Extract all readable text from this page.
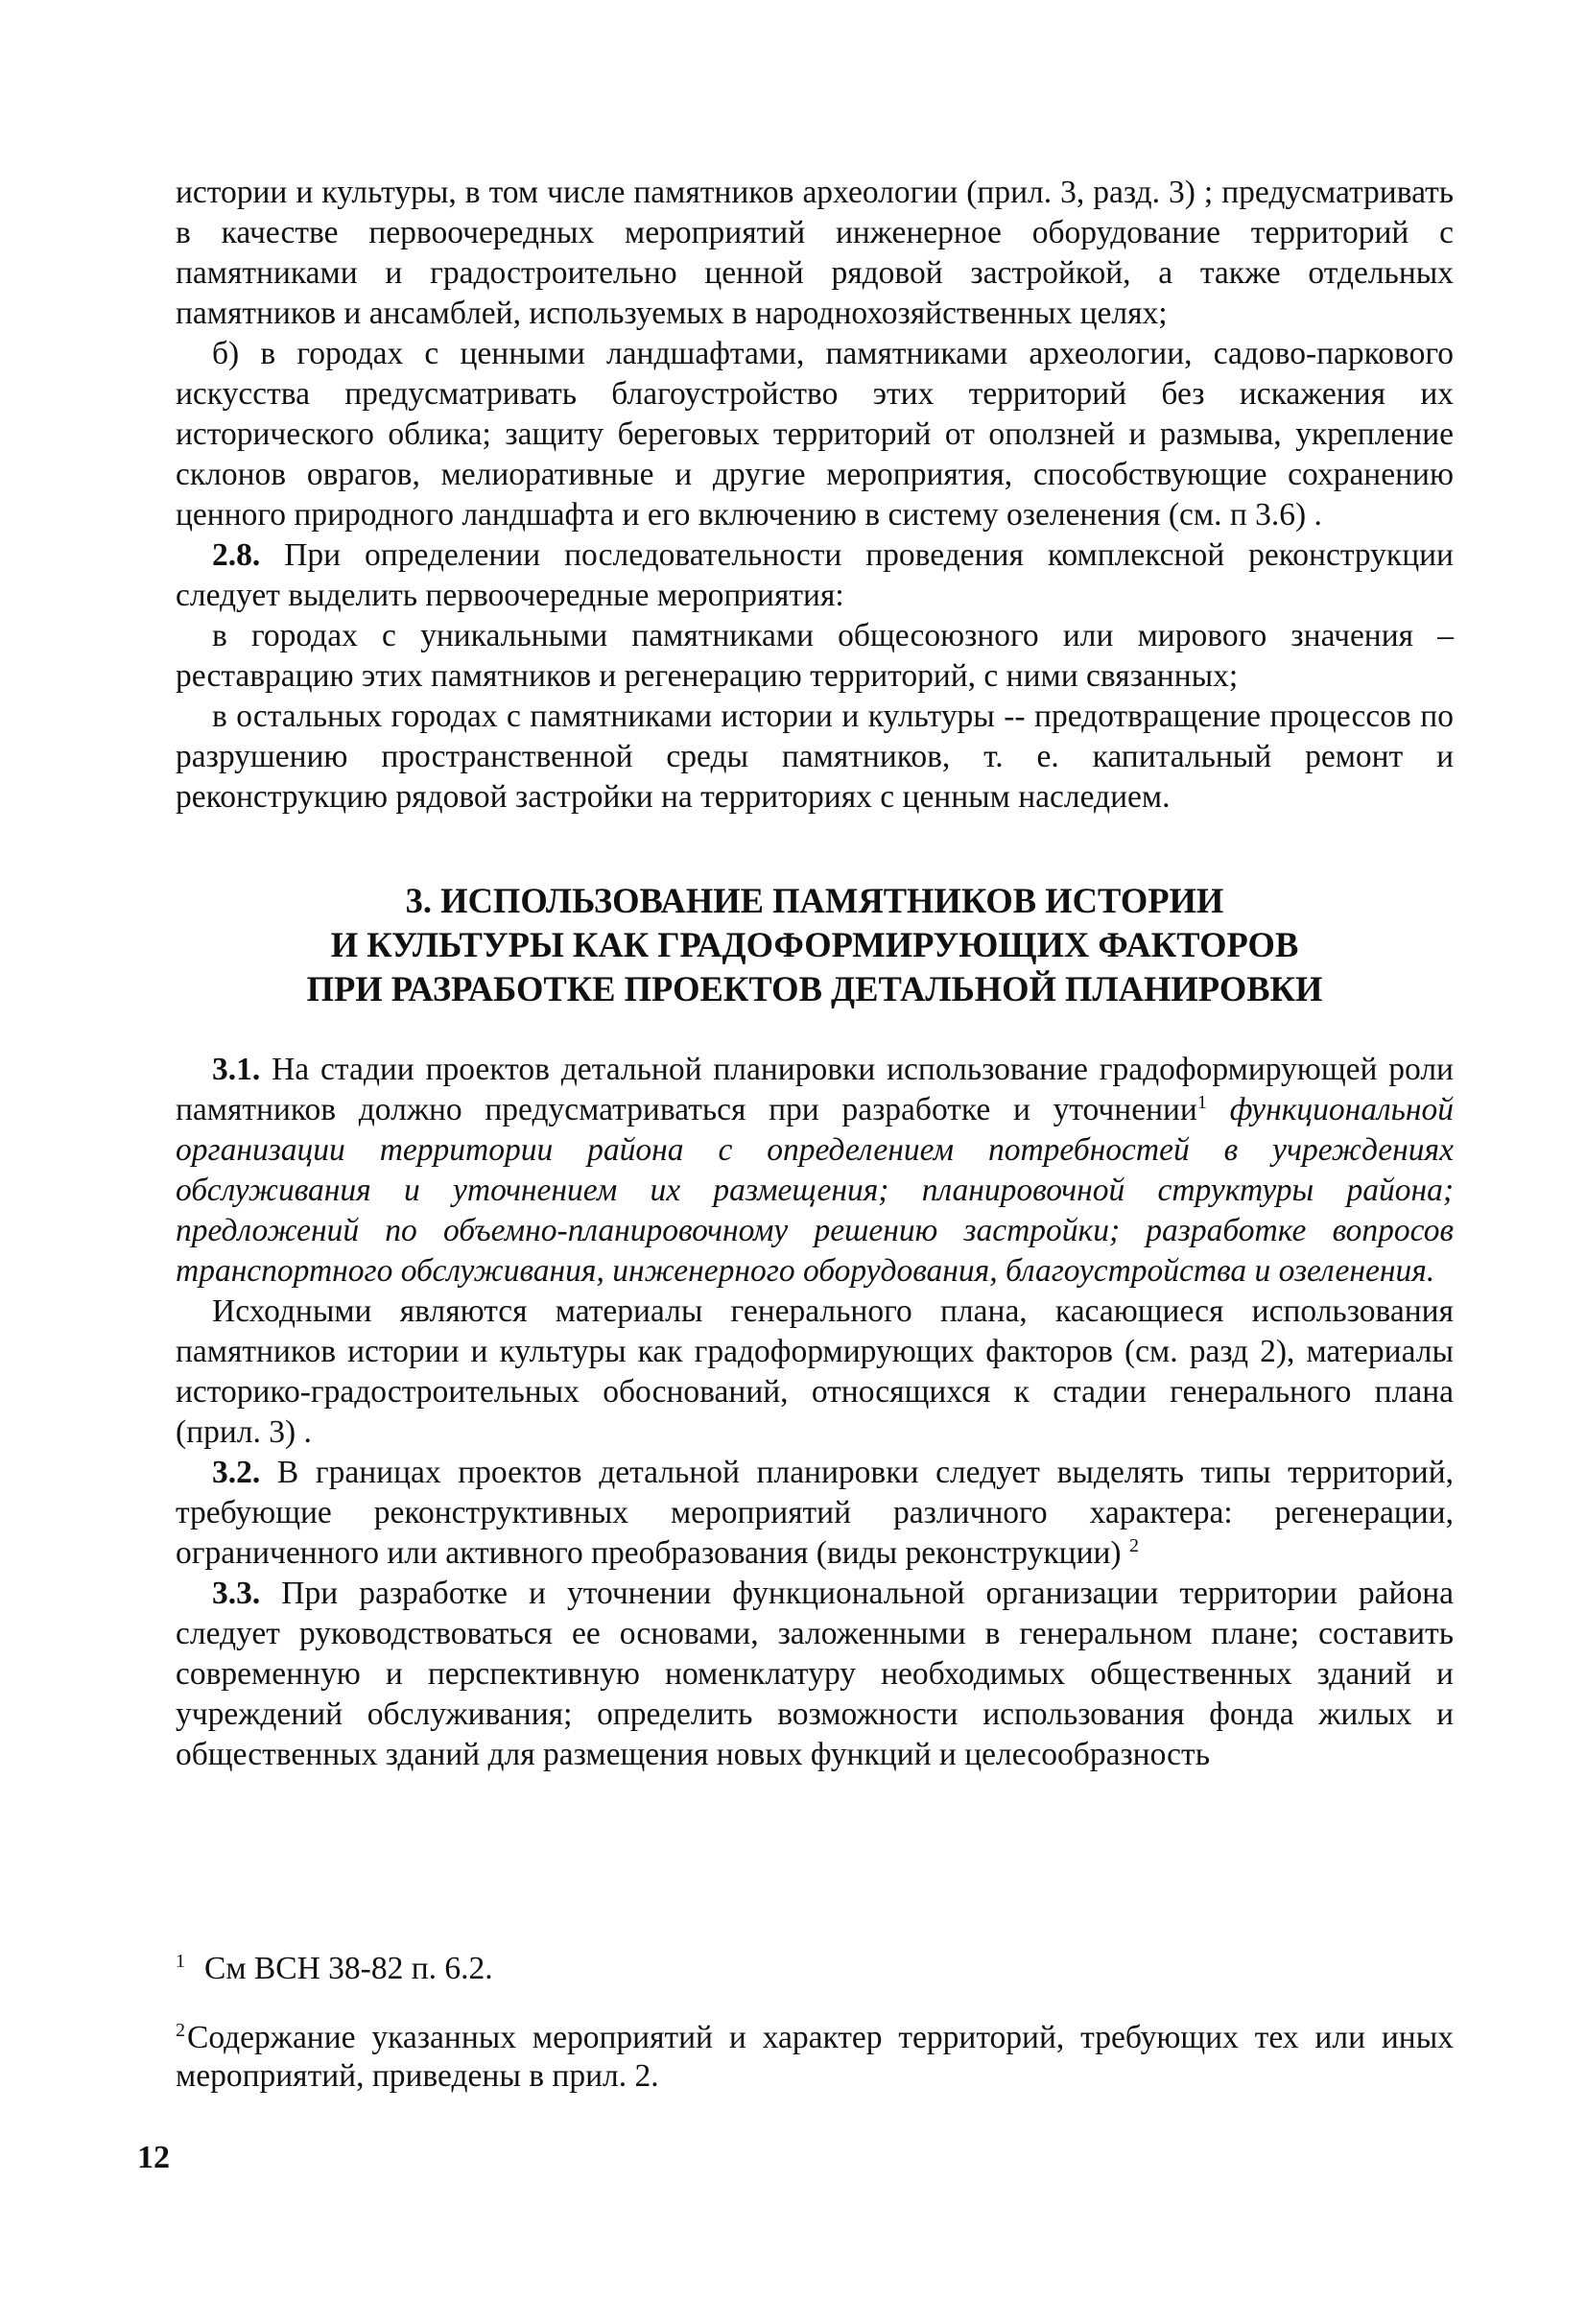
истории и культуры, в том числе памятников археологии (прил. 3, разд. 3) ; предусматривать в качестве первоочередных мероприятий инженерное оборудование территорий с памятниками и градостроительно ценной рядовой застройкой, а также отдельных памятников и ансамблей, используемых в народнохозяйственных целях;

б) в городах с ценными ландшафтами, памятниками археологии, садово-паркового искусства предусматривать благоустройство этих территорий без искажения их исторического облика; защиту береговых территорий от оползней и размыва, укрепление склонов оврагов, мелиоративные и другие мероприятия, способствующие сохранению ценного природного ландшафта и его включению в систему озеленения (см. п 3.6) .

2.8. При определении последовательности проведения комплексной реконструкции следует выделить первоочередные мероприятия:

в городах с уникальными памятниками общесоюзного или мирового значения – реставрацию этих памятников и регенерацию территорий, с ними связанных;

в остальных городах с памятниками истории и культуры -- предотвращение процессов по разрушению пространственной среды памятников, т. е. капитальный ремонт и реконструкцию рядовой застройки на территориях с ценным наследием.

3. ИСПОЛЬЗОВАНИЕ ПАМЯТНИКОВ ИСТОРИИ
И КУЛЬТУРЫ КАК ГРАДОФОРМИРУЮЩИХ ФАКТОРОВ
ПРИ РАЗРАБОТКЕ ПРОЕКТОВ ДЕТАЛЬНОЙ ПЛАНИРОВКИ

3.1. На стадии проектов детальной планировки использование градоформирующей роли памятников должно предусматриваться при разработке и уточнении$^1$ функциональной организации территории района с определением потребностей в учреждениях обслуживания и уточнением их размещения; планировочной структуры района; предложений по объемно-планировочному решению застройки; разработке вопросов транспортного обслуживания, инженерного оборудования, благоустройства и озеленения.

Исходными являются материалы генерального плана, касающиеся использования памятников истории и культуры как градоформирующих факторов (см. разд 2), материалы историко-градостроительных обоснований, относящихся к стадии генерального плана (прил. 3) .

3.2. В границах проектов детальной планировки следует выделять типы территорий, требующие реконструктивных мероприятий различного характера: регенерации, ограниченного или активного преобразования (виды реконструкции) $^2$

3.3. При разработке и уточнении функциональной организации территории района следует руководствоваться ее основами, заложенными в генеральном плане; составить современную и перспективную номенклатуру необходимых общественных зданий и учреждений обслуживания; определить возможности использования фонда жилых и общественных зданий для размещения новых функций и целесообразность

$^1$ См ВСН 38-82 п. 6.2.

$^2$Содержание указанных мероприятий и характер территорий, требующих тех или иных мероприятий, приведены в прил. 2.

12
